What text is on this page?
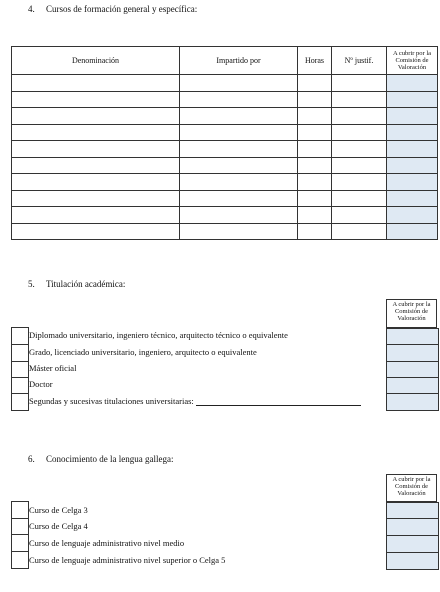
4. Cursos de formación general y específica:
Denominación	Impartido por	Horas	Nº justif.	A cubrir por la Comisión de Valoración

5. Titulación académica:
A cubrir por la Comisión de Valoración
Diplomado universitario, ingeniero técnico, arquitecto técnico o equivalente
Grado, licenciado universitario, ingeniero, arquitecto o equivalente
Máster oficial
Doctor
Segundas y sucesivas titulaciones universitarias:
6. Conocimiento de la lengua gallega:
A cubrir por la Comisión de Valoración
Curso de Celga 3
Curso de Celga 4
Curso de lenguaje administrativo nivel medio
Curso de lenguaje administrativo nivel superior o Celga 5
